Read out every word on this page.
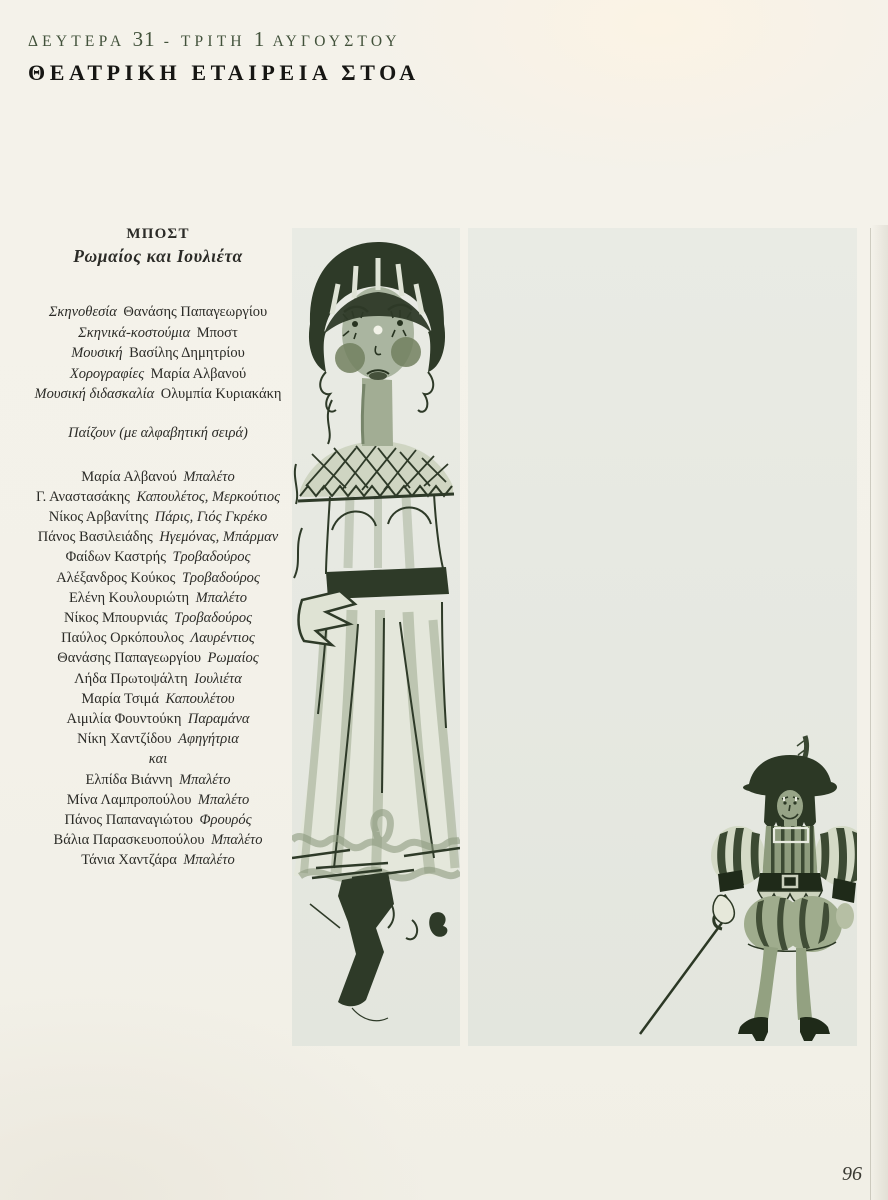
ΔΕΥΤΕΡΑ 31 - ΤΡΙΤΗ 1 ΑΥΓΟΥΣΤΟΥ
ΘΕΑΤΡΙΚΗ ΕΤΑΙΡΕΙΑ ΣΤΟΑ
ΜΠΟΣΤ
Ρωμαίος και Ιουλιέτα
Σκηνοθεσία Θανάσης Παπαγεωργίου
Σκηνικά-κοστούμια Μποστ
Μουσική Βασίλης Δημητρίου
Χορογραφίες Μαρία Αλβανού
Μουσική διδασκαλία Ολυμπία Κυριακάκη
Παίζουν (με αλφαβητική σειρά)
Μαρία Αλβανού Μπαλέτο
Γ. Αναστασάκης Καπουλέτος, Μερκούτιος
Νίκος Αρβανίτης Πάρις, Γιός Γκρέκο
Πάνος Βασιλειάδης Ηγεμόνας, Μπάρμαν
Φαίδων Καστρής Τροβαδούρος
Αλέξανδρος Κούκος Τροβαδούρος
Ελένη Κουλουριώτη Μπαλέτο
Νίκος Μπουρνιάς Τροβαδούρος
Παύλος Ορκόπουλος Λαυρέντιος
Θανάσης Παπαγεωργίου Ρωμαίος
Λήδα Πρωτοψάλτη Ιουλιέτα
Μαρία Τσιμά Καπουλέτου
Αιμιλία Φουντούκη Παραμάνα
Νίκη Χαντζίδου Αφηγήτρια
και
Ελπίδα Βιάννη Μπαλέτο
Μίνα Λαμπροπούλου Μπαλέτο
Πάνος Παπαναγιώτου Φρουρός
Βάλια Παρασκευοπούλου Μπαλέτο
Τάνια Χαντζάρα Μπαλέτο
96
